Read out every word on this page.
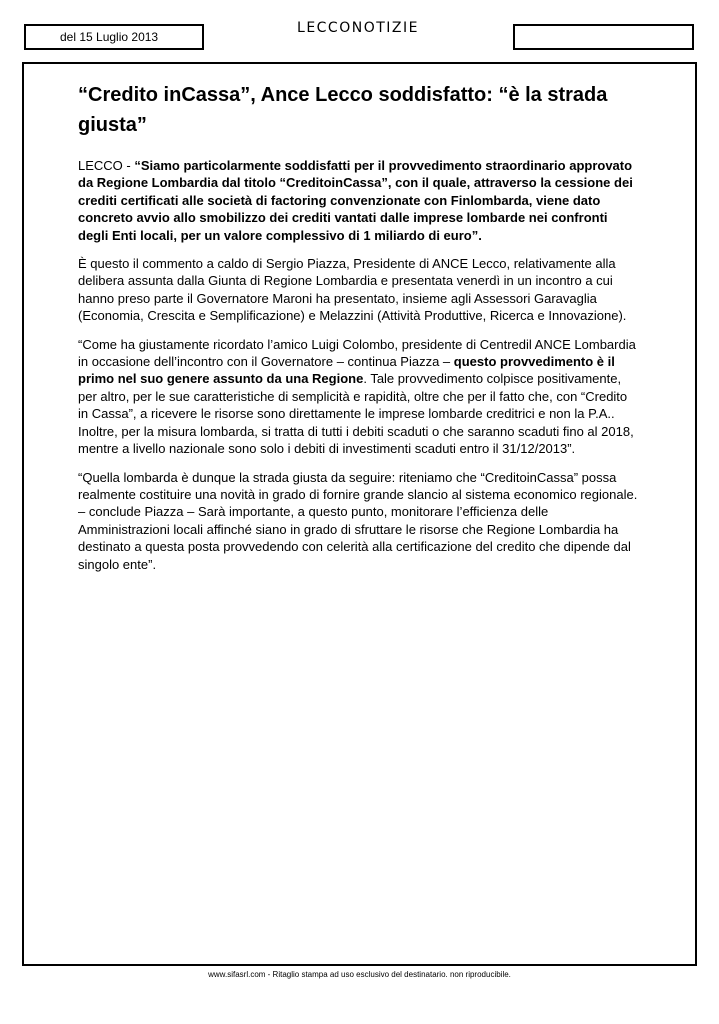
del 15 Luglio 2013
LECCONOTIZIE
“Credito inCassa”, Ance Lecco soddisfatto: “è la strada giusta”

LECCO - “Siamo particolarmente soddisfatti per il provvedimento straordinario approvato da Regione Lombardia dal titolo “CreditoinCassa”, con il quale, attraverso la cessione dei crediti certificati alle società di factoring convenzionate con Finlombarda, viene dato concreto avvio allo smobilizzo dei crediti vantati dalle imprese lombarde nei confronti degli Enti locali, per un valore complessivo di 1 miliardo di euro”.

È questo il commento a caldo di Sergio Piazza, Presidente di ANCE Lecco, relativamente alla delibera assunta dalla Giunta di Regione Lombardia e presentata venerdì in un incontro a cui hanno preso parte il Governatore Maroni ha presentato, insieme agli Assessori Garavaglia (Economia, Crescita e Semplificazione) e Melazzini (Attività Produttive, Ricerca e Innovazione).

“Come ha giustamente ricordato l’amico Luigi Colombo, presidente di Centredil ANCE Lombardia in occasione dell’incontro con il Governatore – continua Piazza – questo provvedimento è il primo nel suo genere assunto da una Regione. Tale provvedimento colpisce positivamente, per altro, per le sue caratteristiche di semplicità e rapidità, oltre che per il fatto che, con “Credito in Cassa”, a ricevere le risorse sono direttamente le imprese lombarde creditrici e non la P.A.. Inoltre, per la misura lombarda, si tratta di tutti i debiti scaduti o che saranno scaduti fino al 2018, mentre a livello nazionale sono solo i debiti di investimenti scaduti entro il 31/12/2013”.

“Quella lombarda è dunque la strada giusta da seguire: riteniamo che “CreditoinCassa” possa realmente costituire una novità in grado di fornire grande slancio al sistema economico regionale. – conclude Piazza – Sarà importante, a questo punto, monitorare l’efficienza delle Amministrazioni locali affinché siano in grado di sfruttare le risorse che Regione Lombardia ha destinato a questa posta provvedendo con celerità alla certificazione del credito che dipende dal singolo ente”.

www.sifasrl.com - Ritaglio stampa ad uso esclusivo del destinatario. non riproducibile.
